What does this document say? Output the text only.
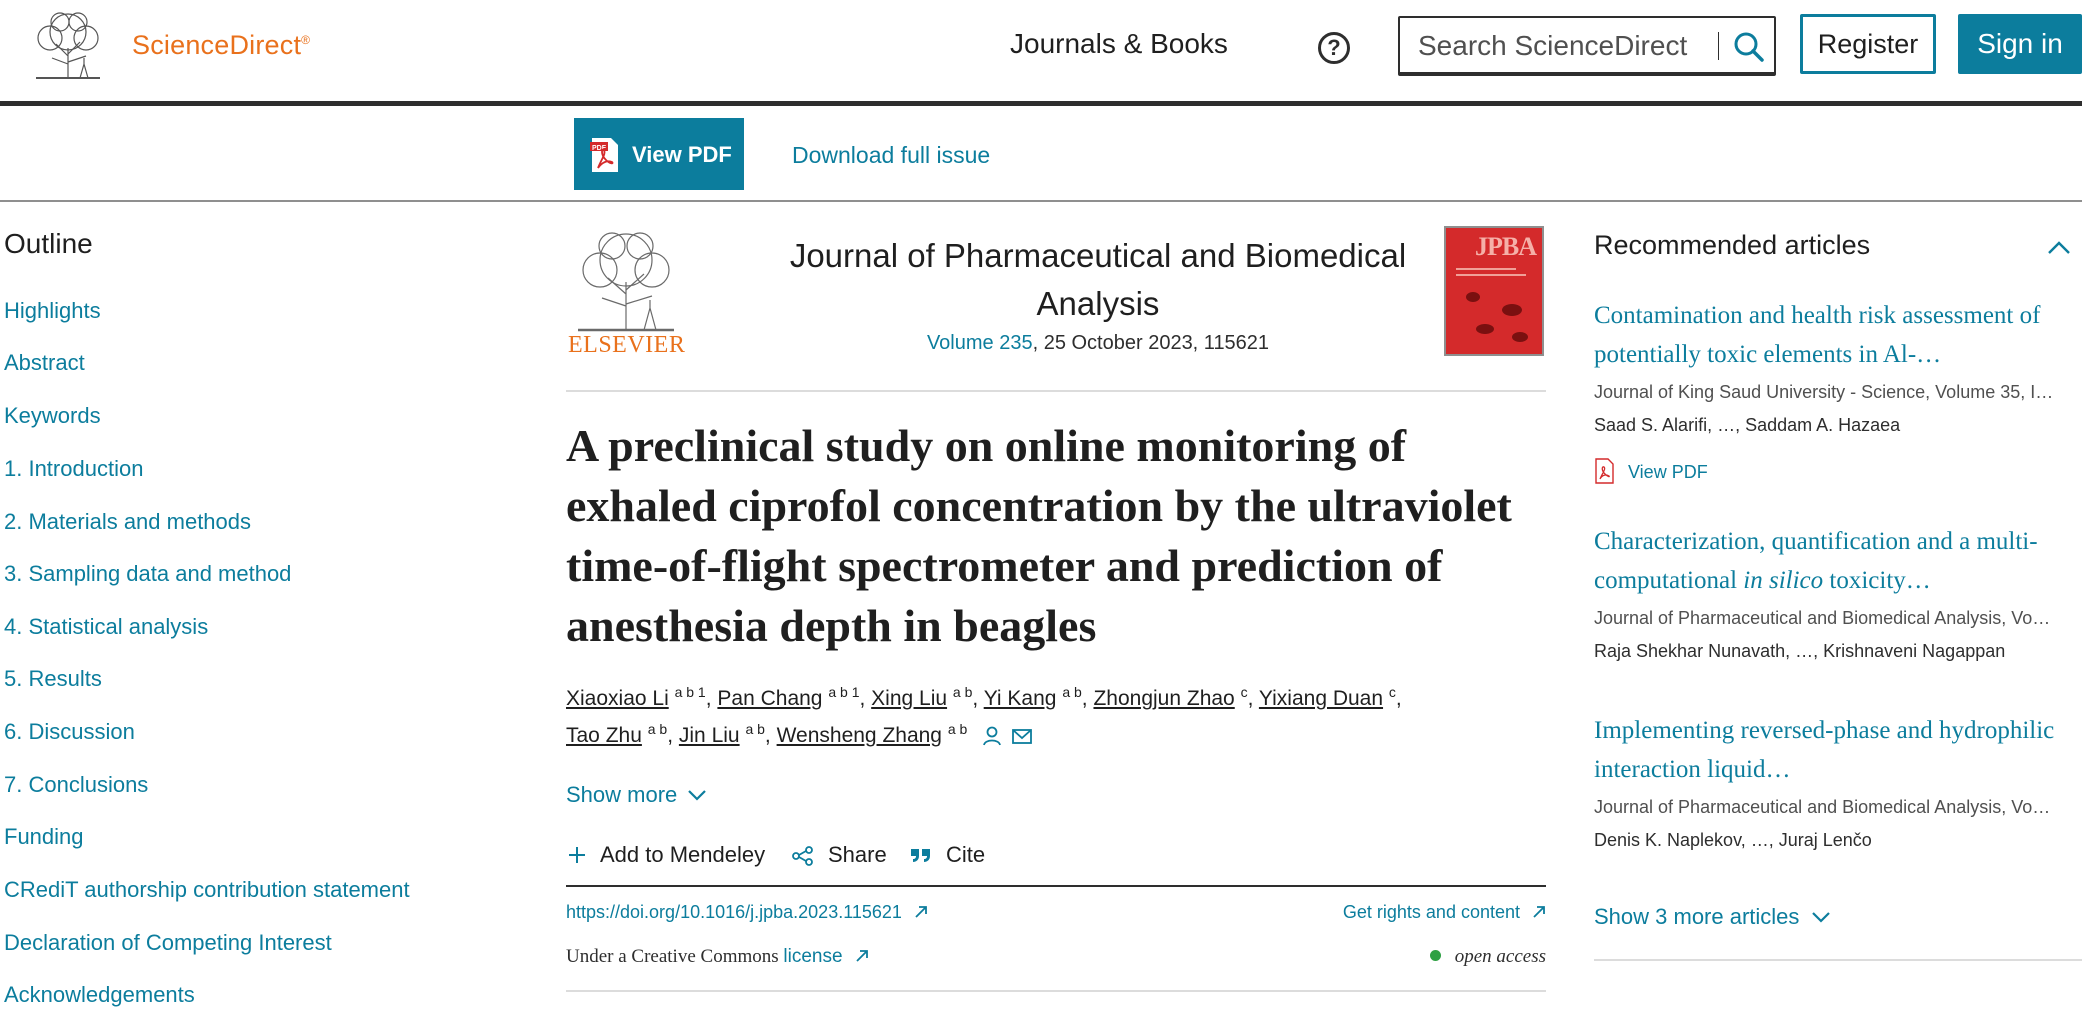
ScienceDirect®	Journals & Books	?
Search ScienceDirect	Register	Sign in
PDF View PDF	Download full issue
Outline
Highlights
Abstract
Keywords
1. Introduction
2. Materials and methods
3. Sampling data and method
4. Statistical analysis
5. Results
6. Discussion
7. Conclusions
Funding
CRediT authorship contribution statement
Declaration of Competing Interest
Acknowledgements
ELSEVIER
Journal of Pharmaceutical and Biomedical Analysis
Volume 235, 25 October 2023, 115621
JPBA
A preclinical study on online monitoring of exhaled ciprofol concentration by the ultraviolet time-of-flight spectrometer and prediction of anesthesia depth in beagles
Xiaoxiao Li $^{a b 1}$, Pan Chang $^{a b 1}$, Xing Liu $^{a b}$, Yi Kang $^{a b}$, Zhongjun Zhao $^c$, Yixiang Duan $^c$,
Tao Zhu $^{a b}$, Jin Liu $^{a b}$, Wensheng Zhang $^{a b}$
Show more
Add to Mendeley	Share	Cite
https://doi.org/10.1016/j.jpba.2023.115621	Get rights and content
Under a Creative Commons license	open access
Recommended articles
Contamination and health risk assessment of potentially toxic elements in Al-…
Journal of King Saud University - Science, Volume 35, I…
Saad S. Alarifi, …, Saddam A. Hazaea
View PDF
Characterization, quantification and a multi-computational in silico toxicity…
Journal of Pharmaceutical and Biomedical Analysis, Vo…
Raja Shekhar Nunavath, …, Krishnaveni Nagappan
Implementing reversed-phase and hydrophilic interaction liquid…
Journal of Pharmaceutical and Biomedical Analysis, Vo…
Denis K. Naplekov, …, Juraj Lenčo
Show 3 more articles
